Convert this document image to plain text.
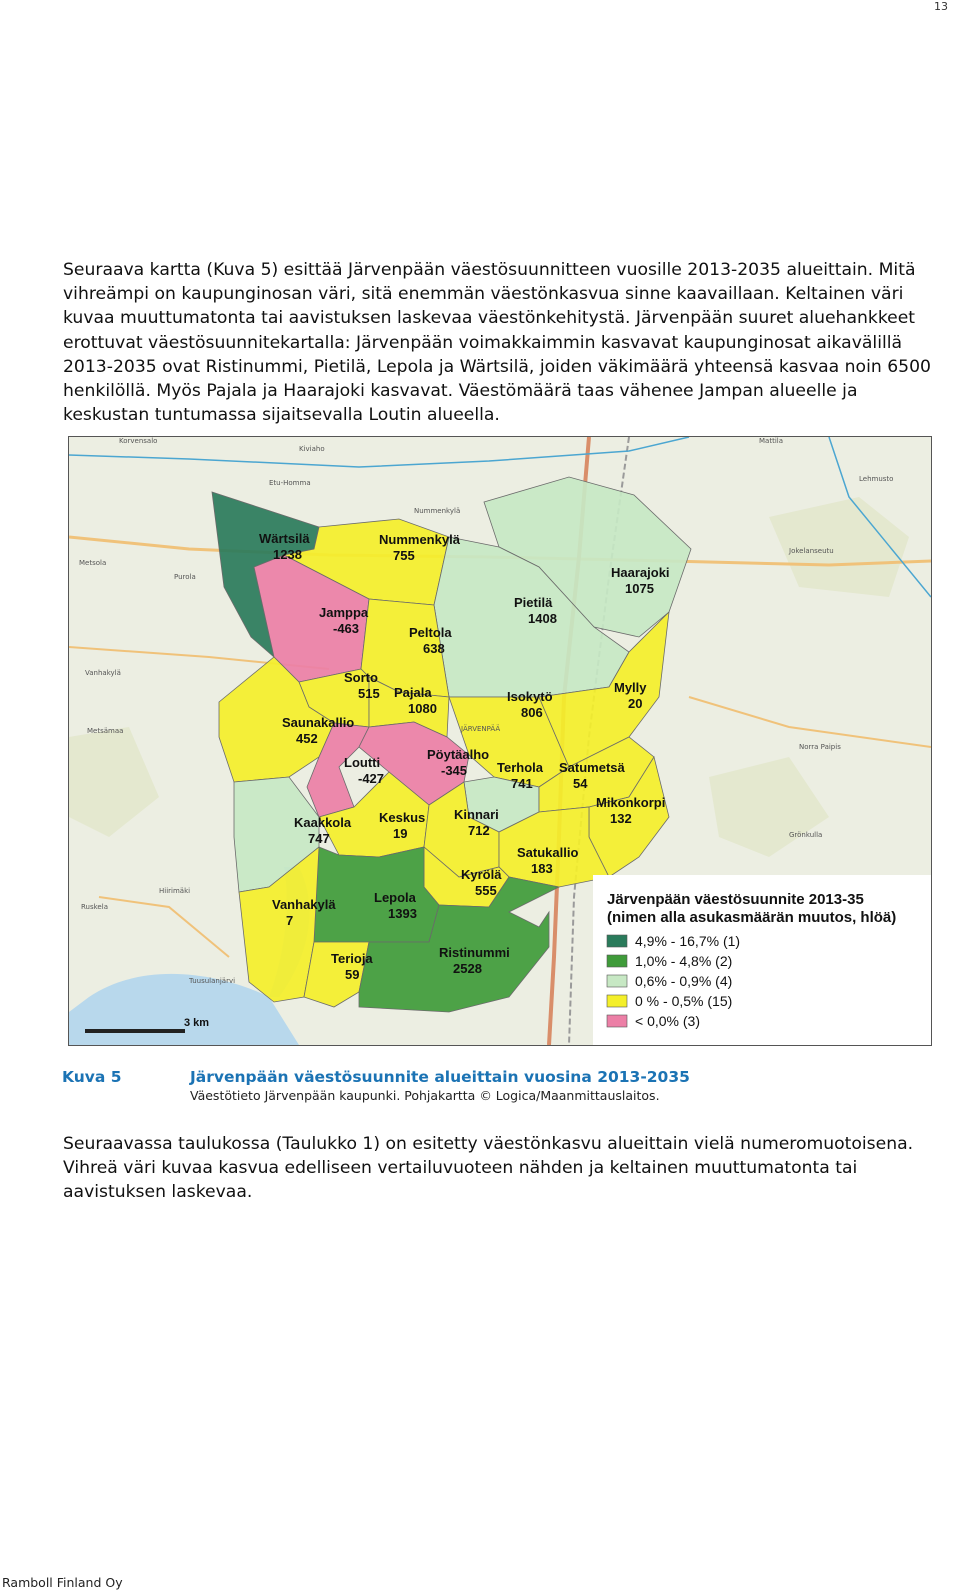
13
Seuraava kartta (Kuva 5) esittää Järvenpään väestösuunnitteen vuosille 2013-2035 alueittain. Mitä vihreämpi on kaupunginosan väri, sitä enemmän väestönkasvua sinne kaavaillaan. Keltainen väri kuvaa muuttumatonta tai aavistuksen laskevaa väestönkehitystä. Järvenpään suuret aluehankkeet erottuvat väestösuunnitekartalla: Järvenpään voimakkaimmin kasvavat kaupunginosat aikavälillä 2013-2035 ovat Ristinummi, Pietilä, Lepola ja Wärtsilä, joiden väkimäärä yhteensä kasvaa noin 6500 henkilöllä. Myös Pajala ja Haarajoki kasvavat. Väestömäärä taas vähenee Jampan alueelle ja keskustan tuntumassa sijaitsevalla Loutin alueella.
Wärtsilä
1238
Nummenkylä
755
Haarajoki
1075
Pietilä
1408
Jamppa
-463	Peltola
638
Sorto
515 Pajala
1080
Isokytö
806
Mylly
20
Saunakallio
452
Loutti
-427
Pöytäalho
-345 Terhola
741
Satumetsä
54
Mikonkorpi
132
Kaakkola
747
Keskus
19
Kinnari
712
Satukallio
183
Kyrölä
555
Lepola
1393
Vanhakylä
7
Terioja
59
Ristinummi
2528
Korvensalo
Etu-Homma
Metsola
Purola
Vanhakylä
Metsämaa
Ruskela
Hiirimäki
Kiviaho
Jokelanseutu
Lehmusto
Norra Paipis
Grönkulla
Tuusulanjärvi
Mattila
Nummenkylä
JÄRVENPÄÄ
3 km
Järvenpään väestösuunnite 2013-35
(nimen alla asukasmäärän muutos, hlöä)
4,9% - 16,7% (1)
1,0% - 4,8% (2)
0,6% - 0,9% (4)
0 % - 0,5% (15)
< 0,0% (3)
Kuva 5	Järvenpään väestösuunnite alueittain vuosina 2013-2035
Väestötieto Järvenpään kaupunki. Pohjakartta © Logica/Maanmittauslaitos.
Seuraavassa taulukossa (Taulukko 1) on esitetty väestönkasvu alueittain vielä numeromuotoisena. Vihreä väri kuvaa kasvua edelliseen vertailuvuoteen nähden ja keltainen muuttumatonta tai aavistuksen laskevaa.
Ramboll Finland Oy
